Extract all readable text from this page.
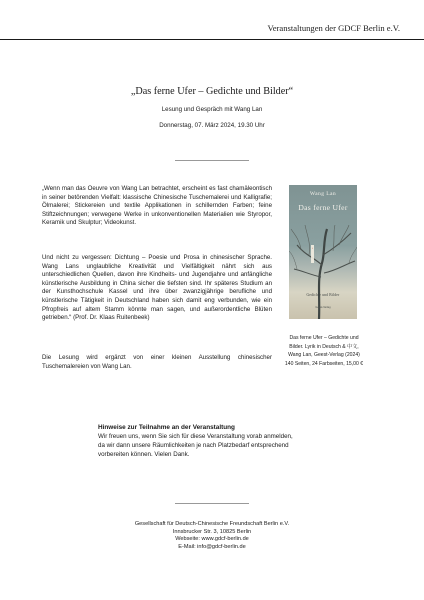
Veranstaltungen der GDCF Berlin e.V.
„Das ferne Ufer – Gedichte und Bilder“
Lesung und Gespräch mit Wang Lan
Donnerstag, 07. März 2024, 19.30 Uhr
„Wenn man das Oeuvre von Wang Lan betrachtet, erscheint es fast chamäleontisch in seiner betörenden Vielfalt: klassische Chinesische Tuschemalerei und Kalligrafie; Ölmalerei; Stickereien und textile Applikationen in schillernden Farben; feine Stiftzeichnungen; verwegene Werke in unkonventionellen Materialien wie Styropor, Keramik und Skulptur; Videokunst.
Und nicht zu vergessen: Dichtung – Poesie und Prosa in chinesischer Sprache. Wang Lans unglaubliche Kreativität und Vielfältigkeit nährt sich aus unterschiedlichen Quellen, davon ihre Kindheits- und Jugendjahre und anfängliche künstlerische Ausbildung in China sicher die tiefsten sind. Ihr späteres Studium an der Kunsthochschule Kassel und ihre über zwanzigjährige berufliche und künstlerische Tätigkeit in Deutschland haben sich damit eng verbunden, wie ein Pfropfreis auf altem Stamm könnte man sagen, und außerordentliche Blüten getrieben.“ (Prof. Dr. Klaas Ruitenbeek)
Die Lesung wird ergänzt von einer kleinen Ausstellung chinesischer Tuschemalereien von Wang Lan.
Wang Lan
Das ferne Ufer
•
Gedichte und Bilder
Geest-Verlag
Das ferne Ufer – Gedichte und
Bilder. Lyrik in Deutsch & 中文,
Wang Lan, Geest-Verlag (2024)
140 Seiten, 24 Farbseiten, 15,00 €
Hinweise zur Teilnahme an der Veranstaltung
Wir freuen uns, wenn Sie sich für diese Veranstaltung vorab anmelden,
da wir dann unsere Räumlichkeiten je nach Platzbedarf entsprechend
vorbereiten können. Vielen Dank.
Gesellschaft für Deutsch-Chinesische Freundschaft Berlin e.V.
Innsbrucker Str. 3, 10825 Berlin
Webseite: www.gdcf-berlin.de
E-Mail: info@gdcf-berlin.de
